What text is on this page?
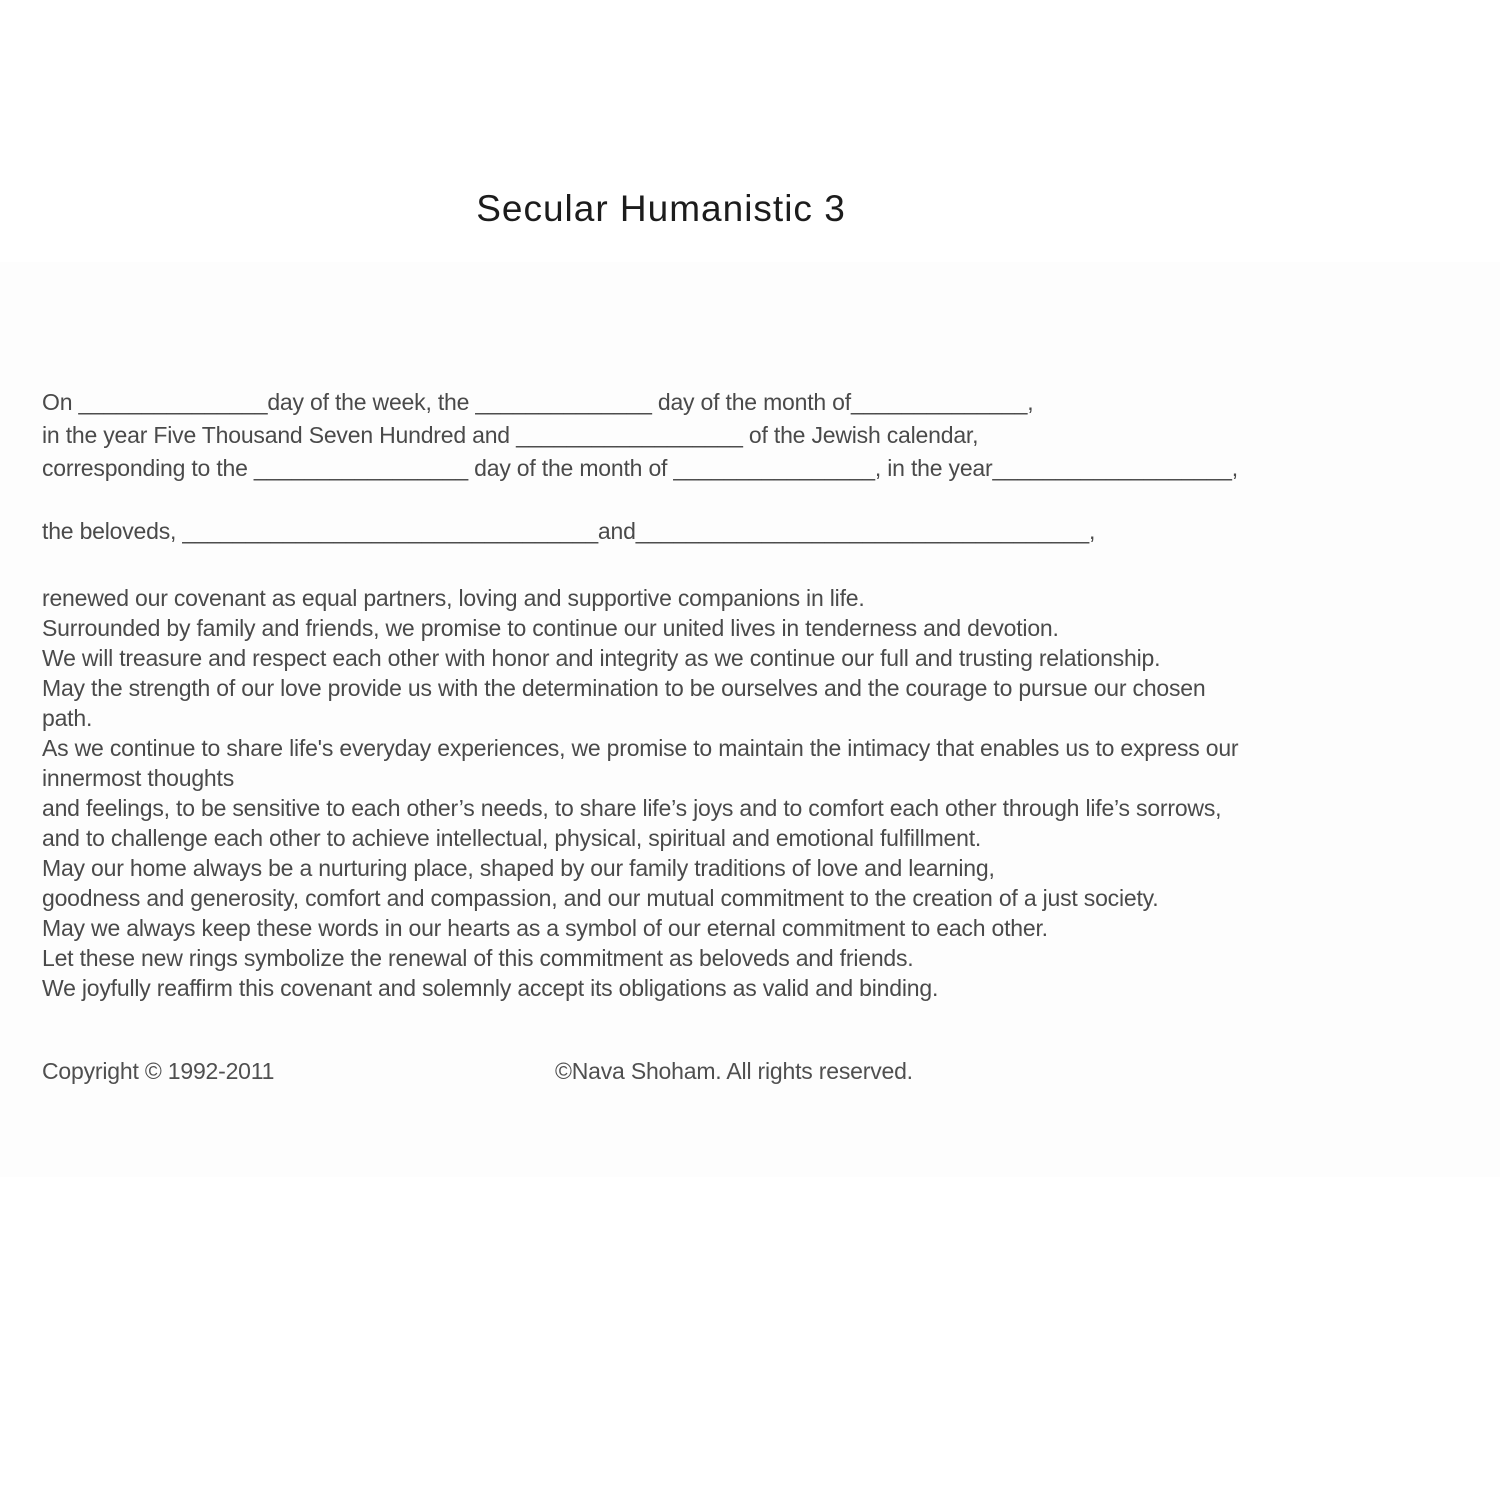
Secular Humanistic 3
On _______________day of the week, the ______________ day of the month of______________,
in the year Five Thousand Seven Hundred and __________________ of the Jewish calendar,
corresponding to the _________________ day of the month of ________________, in the year___________________,
the beloveds, _________________________________and____________________________________,
renewed our covenant as equal partners, loving and supportive companions in life.
Surrounded by family and friends, we promise to continue our united lives in tenderness and devotion.
We will treasure and respect each other with honor and integrity as we continue our full and trusting relationship.
May the strength of our love provide us with the determination to be ourselves and the courage to pursue our chosen
path.
As we continue to share life's everyday experiences, we promise to maintain the intimacy that enables us to express our
innermost thoughts
and feelings, to be sensitive to each other’s needs, to share life’s joys and to comfort each other through life’s sorrows,
and to challenge each other to achieve intellectual, physical, spiritual and emotional fulfillment.
May our home always be a nurturing place, shaped by our family traditions of love and learning,
goodness and generosity, comfort and compassion, and our mutual commitment to the creation of a just society.
May we always keep these words in our hearts as a symbol of our eternal commitment to each other.
Let these new rings symbolize the renewal of this commitment as beloveds and friends.
We joyfully reaffirm this covenant and solemnly accept its obligations as valid and binding.
Copyright © 1992-2011	©Nava Shoham. All rights reserved.
